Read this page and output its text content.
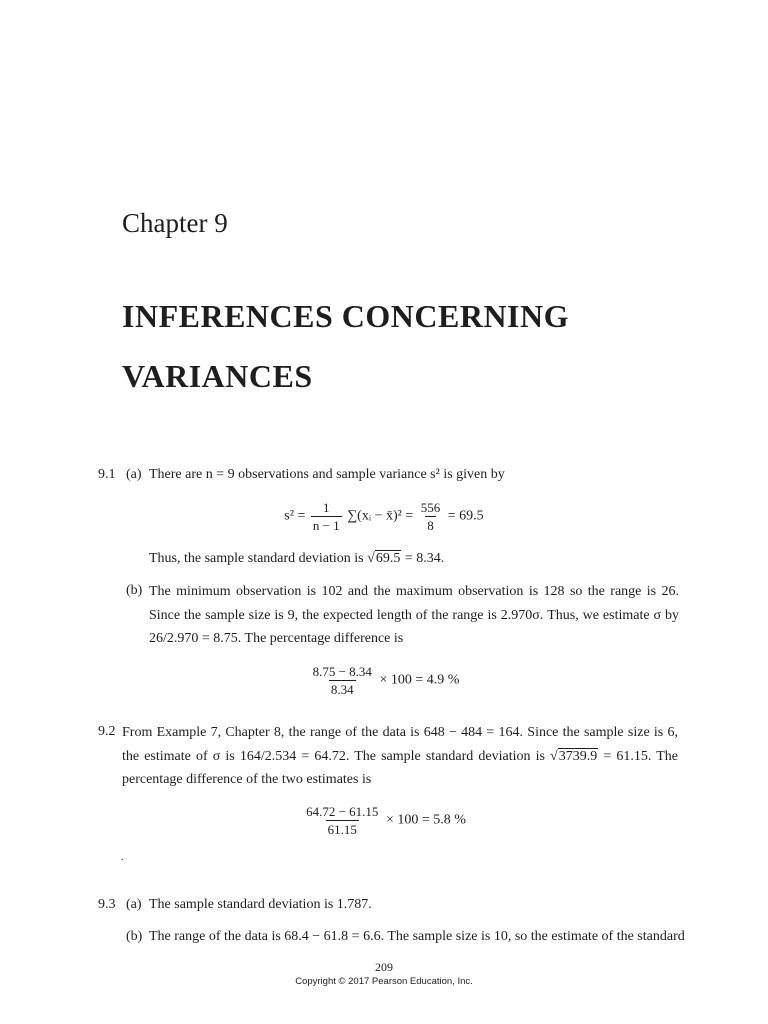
Chapter 9
INFERENCES CONCERNING
VARIANCES
9.1 (a) There are n = 9 observations and sample variance s² is given by
$s^2 = \frac{1}{n - 1}$ ∑(xᵢ − x̄)² = $\frac{556}{8} = 69.5$
Thus, the sample standard deviation is √69.5 = 8.34.
(b) The minimum observation is 102 and the maximum observation is 128 so the range is 26. Since the sample size is 9, the expected length of the range is 2.970σ. Thus, we estimate σ by 26/2.970 = 8.75. The percentage difference is
$\frac{8.75 - 8.34}{8.34} \times 100 = 4.9$ %
9.2 From Example 7, Chapter 8, the range of the data is 648 − 484 = 164. Since the sample size is 6, the estimate of σ is 164/2.534 = 64.72. The sample standard deviation is √3739.9 = 61.15. The percentage difference of the two estimates is
$\frac{64.72 - 61.15}{61.15} \times 100 = 5.8$ %
.
9.3 (a) The sample standard deviation is 1.787.
(b) The range of the data is 68.4 − 61.8 = 6.6. The sample size is 10, so the estimate of the standard
209
Copyright © 2017 Pearson Education, Inc.
